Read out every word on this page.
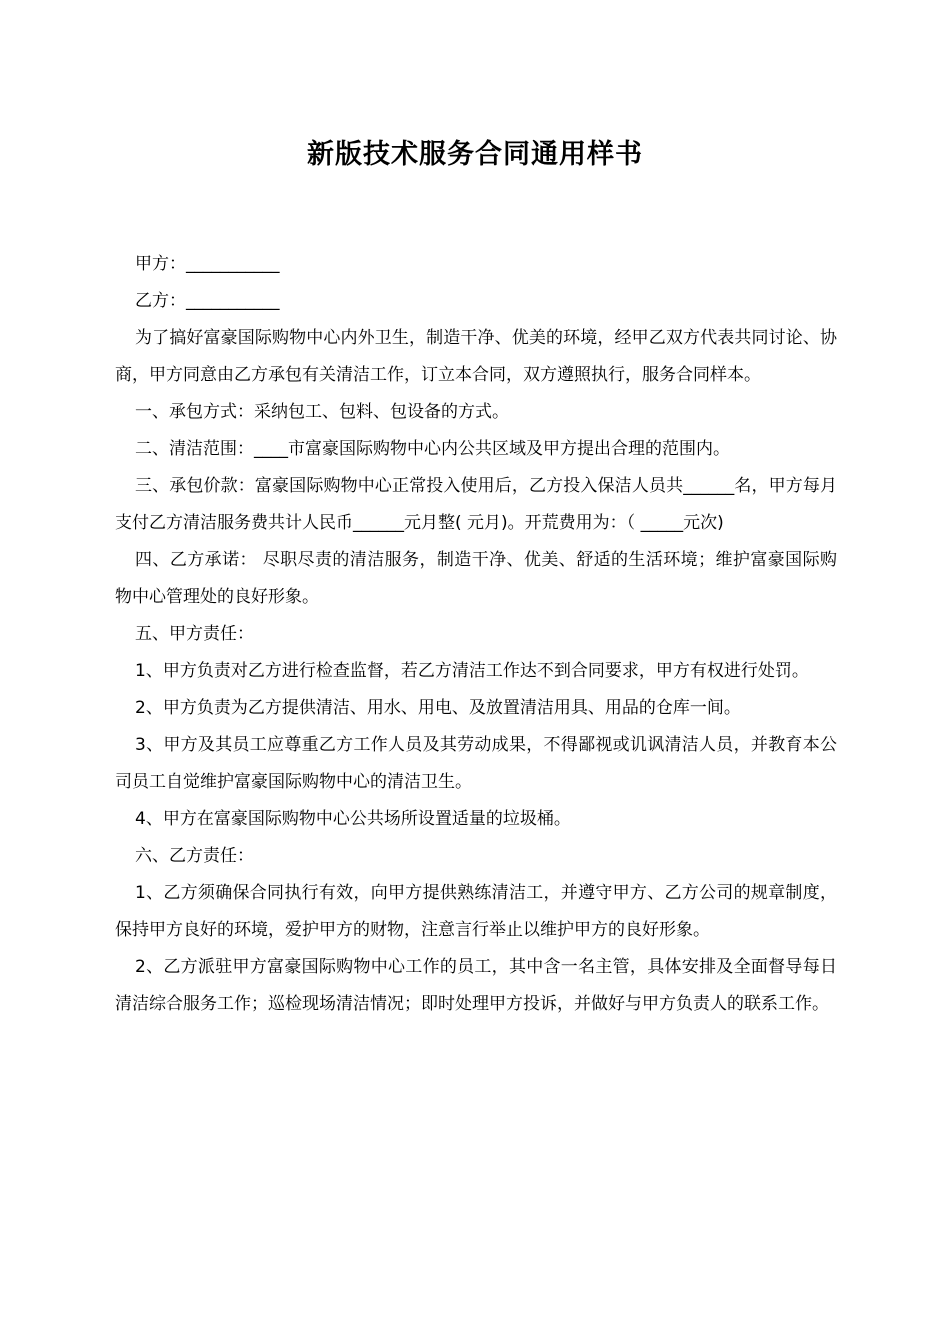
新版技术服务合同通用样书

甲方：___________

乙方：___________

为了搞好富豪国际购物中心内外卫生，制造干净、优美的环境，经甲乙双方代表共同讨论、协商，甲方同意由乙方承包有关清洁工作，订立本合同，双方遵照执行，服务合同样本。

一、承包方式：采纳包工、包料、包设备的方式。

二、清洁范围：____市富豪国际购物中心内公共区域及甲方提出合理的范围内。

三、承包价款：富豪国际购物中心正常投入使用后，乙方投入保洁人员共______名，甲方每月支付乙方清洁服务费共计人民币______元月整( 元月)。开荒费用为：（ _____元次)

四、乙方承诺： 尽职尽责的清洁服务，制造干净、优美、舒适的生活环境；维护富豪国际购物中心管理处的良好形象。

五、甲方责任：

1、甲方负责对乙方进行检查监督，若乙方清洁工作达不到合同要求，甲方有权进行处罚。

2、甲方负责为乙方提供清洁、用水、用电、及放置清洁用具、用品的仓库一间。

3、甲方及其员工应尊重乙方工作人员及其劳动成果，不得鄙视或讥讽清洁人员，并教育本公司员工自觉维护富豪国际购物中心的清洁卫生。

4、甲方在富豪国际购物中心公共场所设置适量的垃圾桶。

六、乙方责任：

1、乙方须确保合同执行有效，向甲方提供熟练清洁工，并遵守甲方、乙方公司的规章制度，保持甲方良好的环境，爱护甲方的财物，注意言行举止以维护甲方的良好形象。

2、乙方派驻甲方富豪国际购物中心工作的员工，其中含一名主管，具体安排及全面督导每日清洁综合服务工作；巡检现场清洁情况；即时处理甲方投诉，并做好与甲方负责人的联系工作。
